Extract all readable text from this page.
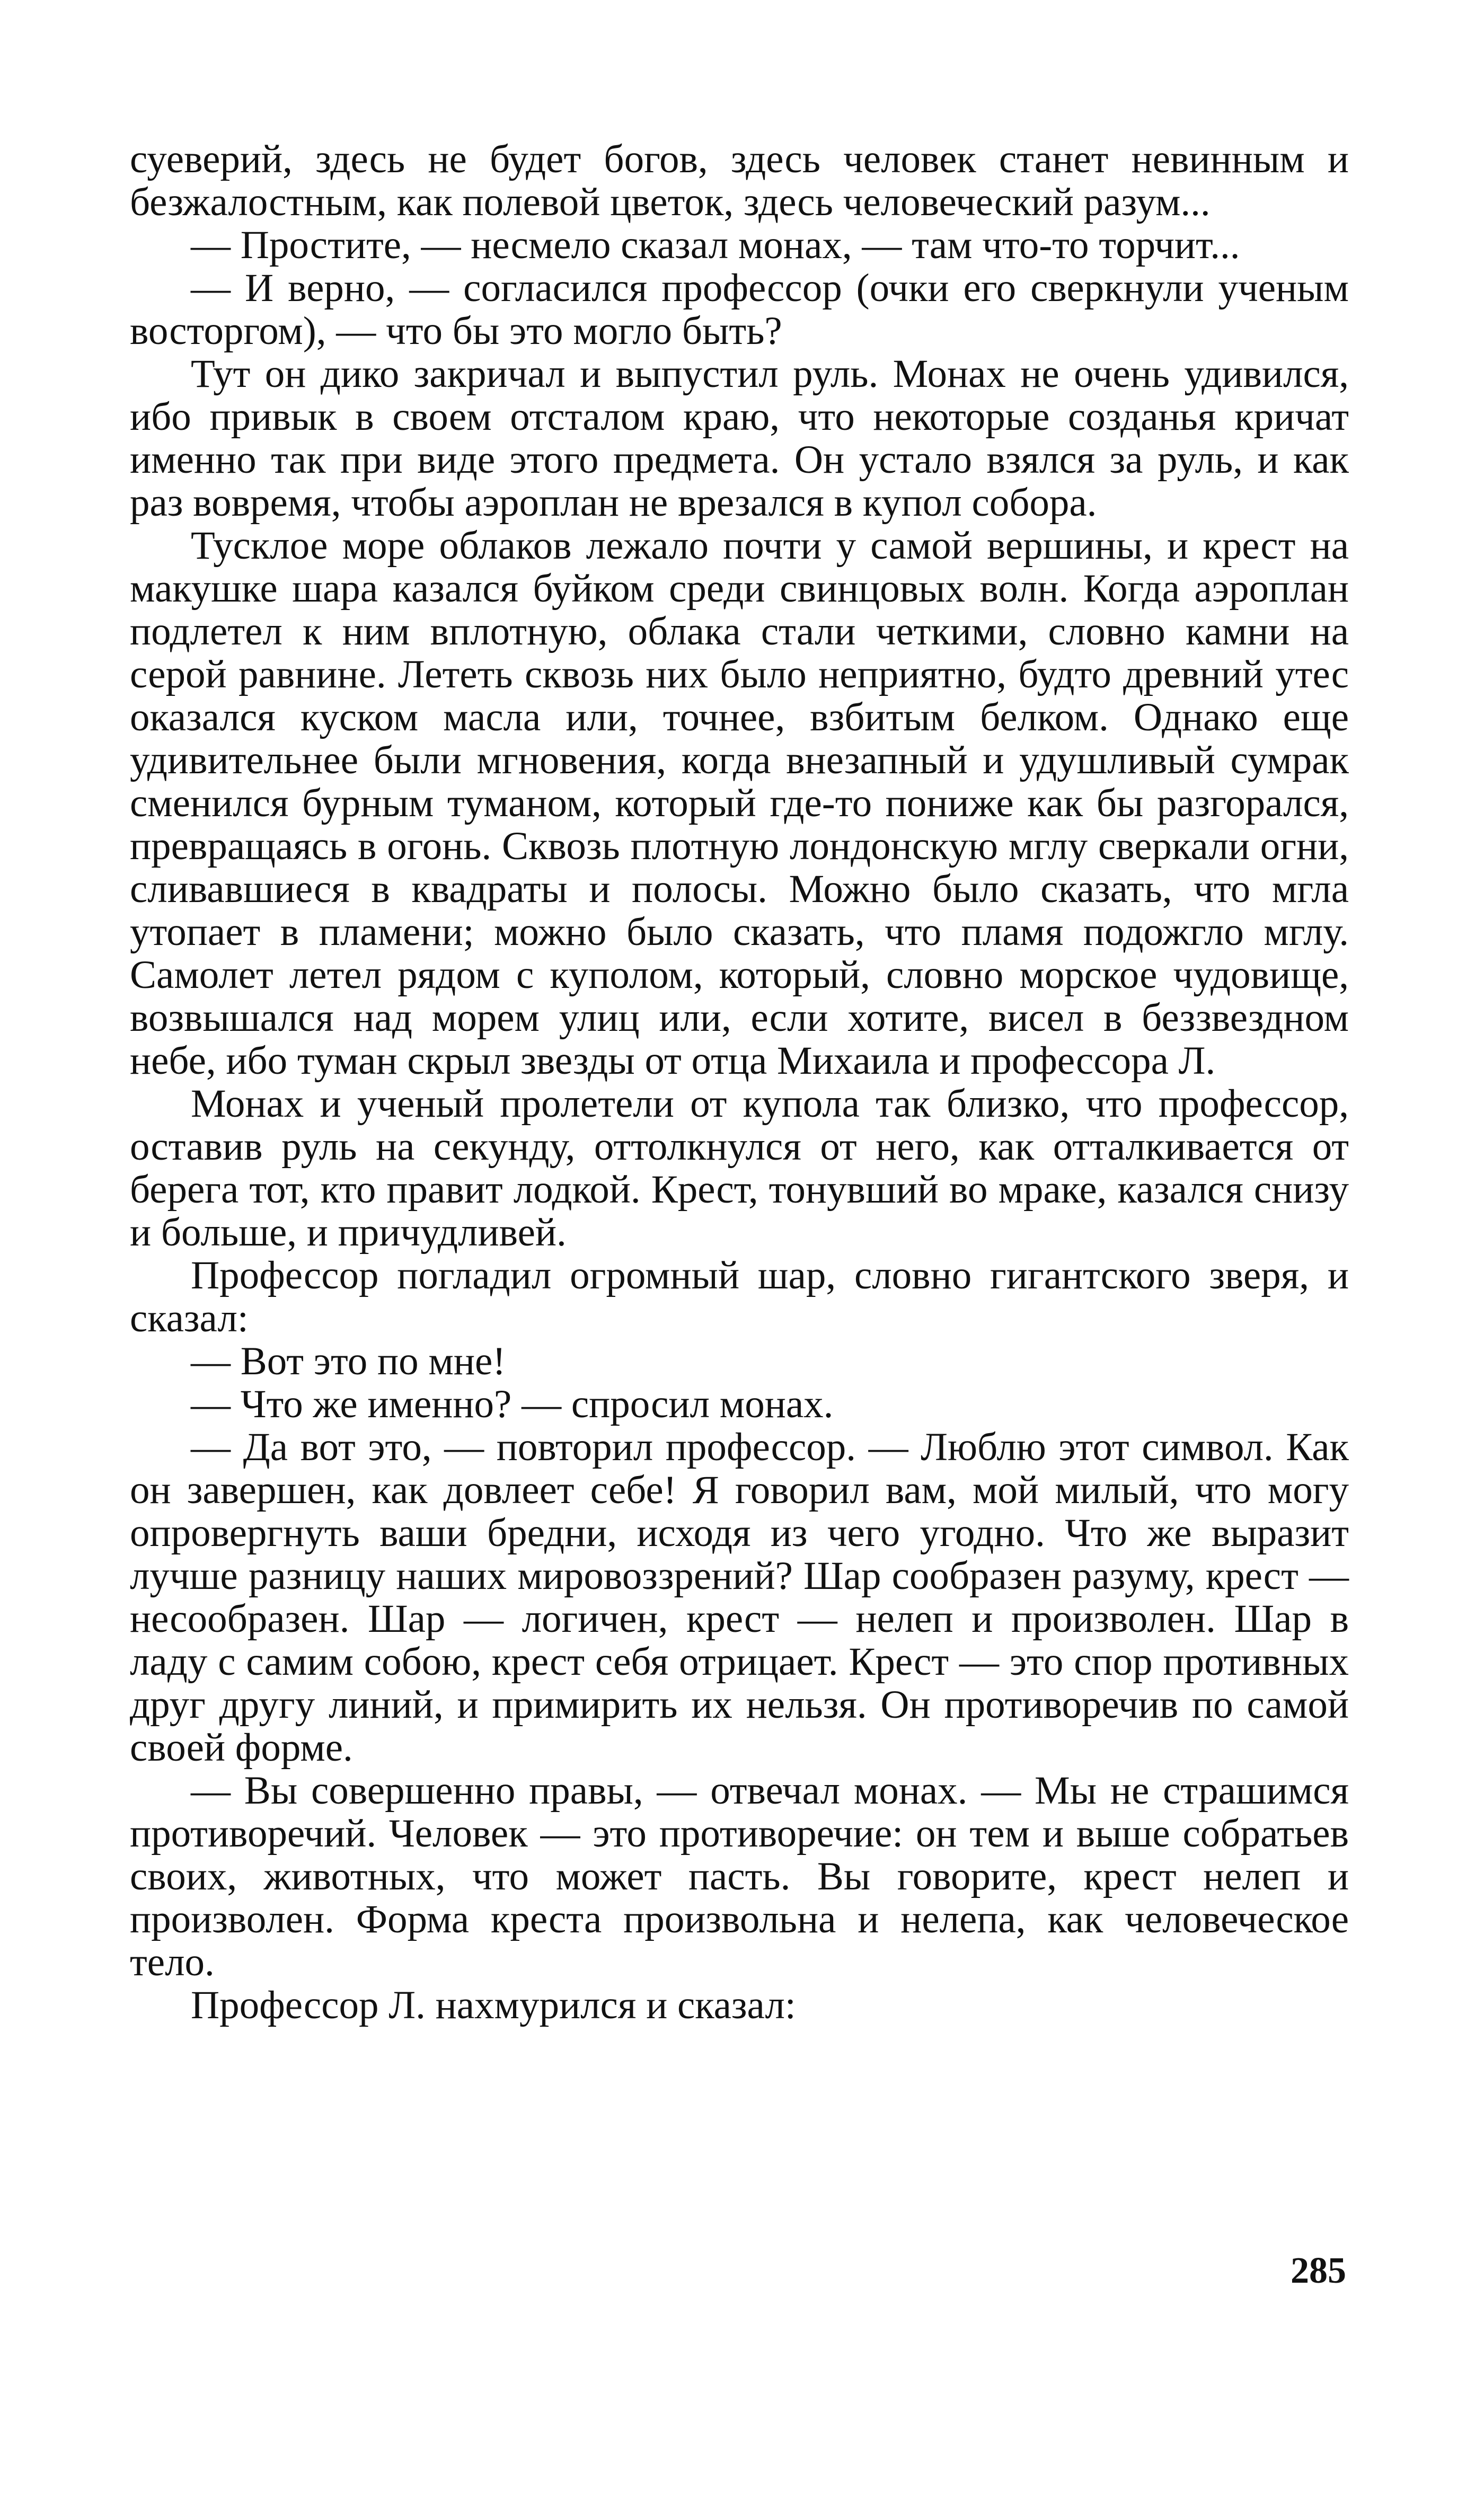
суеверий, здесь не будет богов, здесь человек станет невинным и безжалостным, как полевой цветок, здесь человеческий разум...

— Простите, — несмело сказал монах, — там что-то торчит...

— И верно, — согласился профессор (очки его сверкнули ученым восторгом), — что бы это могло быть?

Тут он дико закричал и выпустил руль. Монах не очень удивился, ибо привык в своем отсталом краю, что некоторые созданья кричат именно так при виде этого предмета. Он устало взялся за руль, и как раз вовремя, чтобы аэроплан не врезался в купол собора.

Тусклое море облаков лежало почти у самой вершины, и крест на макушке шара казался буйком среди свинцовых волн. Когда аэроплан подлетел к ним вплотную, облака стали четкими, словно камни на серой равнине. Лететь сквозь них было неприятно, будто древний утес оказался куском масла или, точнее, взбитым белком. Однако еще удивительнее были мгновения, когда внезапный и удушливый сумрак сменился бурным туманом, который где-то пониже как бы разгорался, превращаясь в огонь. Сквозь плотную лондонскую мглу сверкали огни, сливавшиеся в квадраты и полосы. Можно было сказать, что мгла утопает в пламени; можно было сказать, что пламя подожгло мглу. Самолет летел рядом с куполом, который, словно морское чудовище, возвышался над морем улиц или, если хотите, висел в беззвездном небе, ибо туман скрыл звезды от отца Михаила и профессора Л.

Монах и ученый пролетели от купола так близко, что профессор, оставив руль на секунду, оттолкнулся от него, как отталкивается от берега тот, кто правит лодкой. Крест, тонувший во мраке, казался снизу и больше, и причудливей.

Профессор погладил огромный шар, словно гигантского зверя, и сказал:

— Вот это по мне!

— Что же именно? — спросил монах.

— Да вот это, — повторил профессор. — Люблю этот символ. Как он завершен, как довлеет себе! Я говорил вам, мой милый, что могу опровергнуть ваши бредни, исходя из чего угодно. Что же выразит лучше разницу наших мировоззрений? Шар сообразен разуму, крест — несообразен. Шар — логичен, крест — нелеп и произволен. Шар в ладу с самим собою, крест себя отрицает. Крест — это спор противных друг другу линий, и примирить их нельзя. Он противоречив по самой своей форме.

— Вы совершенно правы, — отвечал монах. — Мы не страшимся противоречий. Человек — это противоречие: он тем и выше собратьев своих, животных, что может пасть. Вы говорите, крест нелеп и произволен. Форма креста произвольна и нелепа, как человеческое тело.

Профессор Л. нахмурился и сказал:

285
